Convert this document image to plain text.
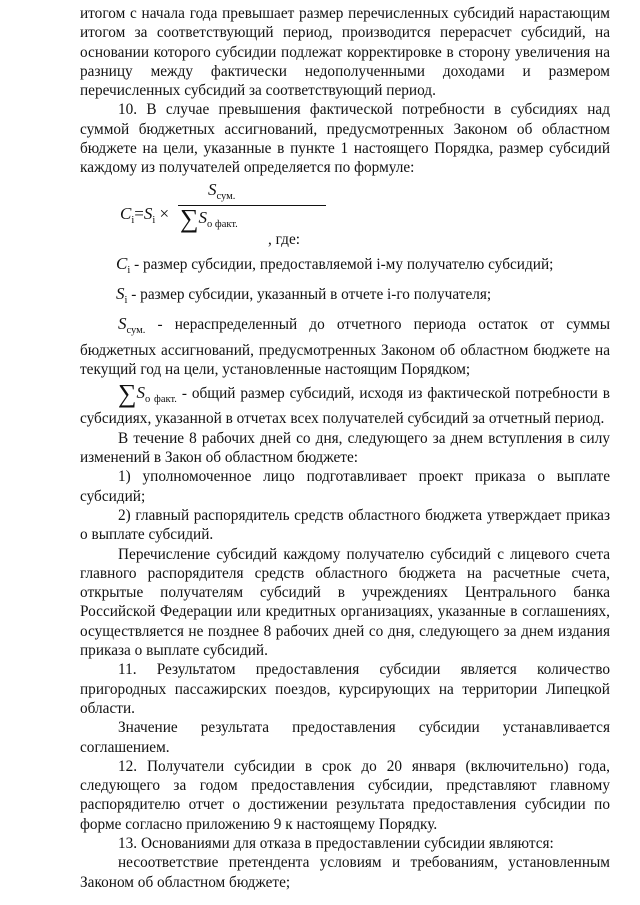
итогом с начала года превышает размер перечисленных субсидий нарастающим итогом за соответствующий период, производится перерасчет субсидий, на основании которого субсидии подлежат корректировке в сторону увеличения на разницу между фактически недополученными доходами и размером перечисленных субсидий за соответствующий период.

10. В случае превышения фактической потребности в субсидиях над суммой бюджетных ассигнований, предусмотренных Законом об областном бюджете на цели, указанные в пункте 1 настоящего Порядка, размер субсидий каждому из получателей определяется по формуле:

$C_i=S_i$ ×
$S_{сум.}$
$\sum S_{о факт.}$
, где:

$C_i$ - размер субсидии, предоставляемой i-му получателю субсидий;

$S_i$ - размер субсидии, указанный в отчете i-го получателя;

$S_{сум.}$ - нераспределенный до отчетного периода остаток от суммы бюджетных ассигнований, предусмотренных Законом об областном бюджете на текущий год на цели, установленные настоящим Порядком;

$\sum S_{о факт.}$ - общий размер субсидий, исходя из фактической потребности в субсидиях, указанной в отчетах всех получателей субсидий за отчетный период.

В течение 8 рабочих дней со дня, следующего за днем вступления в силу изменений в Закон об областном бюджете:

1) уполномоченное лицо подготавливает проект приказа о выплате субсидий;

2) главный распорядитель средств областного бюджета утверждает приказ о выплате субсидий.

Перечисление субсидий каждому получателю субсидий с лицевого счета главного распорядителя средств областного бюджета на расчетные счета, открытые получателям субсидий в учреждениях Центрального банка Российской Федерации или кредитных организациях, указанные в соглашениях, осуществляется не позднее 8 рабочих дней со дня, следующего за днем издания приказа о выплате субсидий.

11. Результатом предоставления субсидии является количество пригородных пассажирских поездов, курсирующих на территории Липецкой области.

Значение результата предоставления субсидии устанавливается соглашением.

12. Получатели субсидии в срок до 20 января (включительно) года, следующего за годом предоставления субсидии, представляют главному распорядителю отчет о достижении результата предоставления субсидии по форме согласно приложению 9 к настоящему Порядку.

13. Основаниями для отказа в предоставлении субсидии являются:

несоответствие претендента условиям и требованиям, установленным Законом об областном бюджете;
